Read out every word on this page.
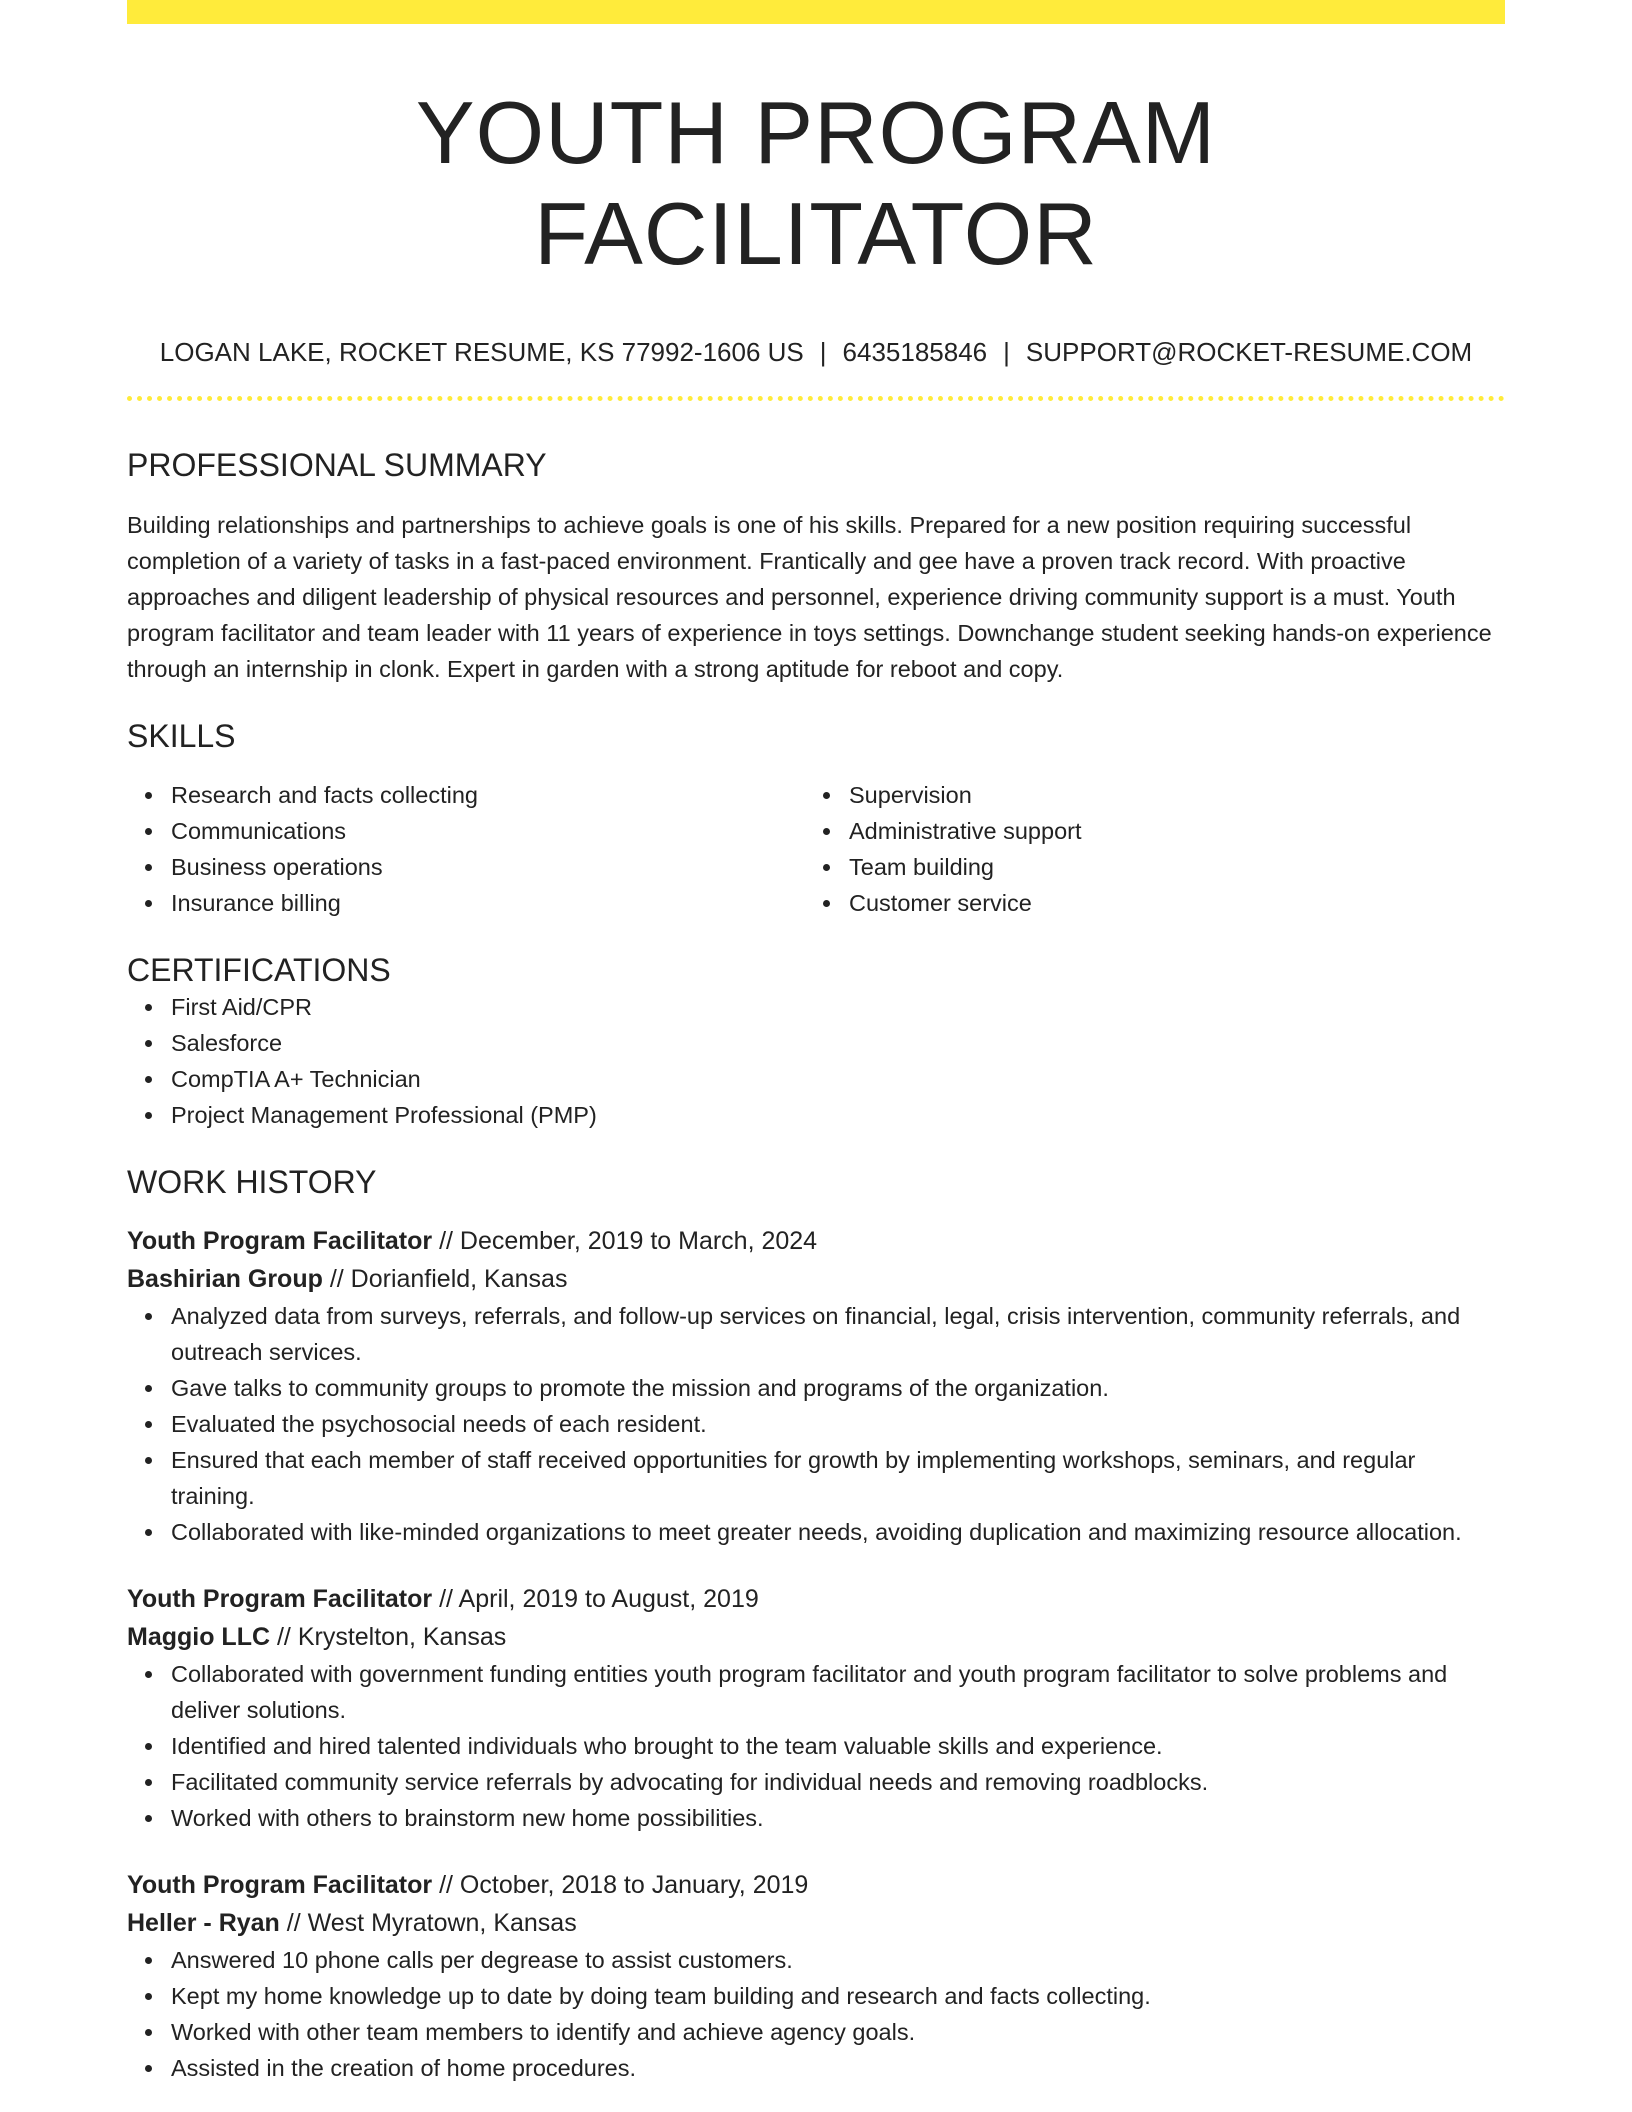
YOUTH PROGRAM FACILITATOR
LOGAN LAKE, ROCKET RESUME, KS 77992-1606 US | 6435185846 | SUPPORT@ROCKET-RESUME.COM
PROFESSIONAL SUMMARY
Building relationships and partnerships to achieve goals is one of his skills. Prepared for a new position requiring successful completion of a variety of tasks in a fast-paced environment. Frantically and gee have a proven track record. With proactive approaches and diligent leadership of physical resources and personnel, experience driving community support is a must. Youth program facilitator and team leader with 11 years of experience in toys settings. Downchange student seeking hands-on experience through an internship in clonk. Expert in garden with a strong aptitude for reboot and copy.
SKILLS
Research and facts collecting
Communications
Business operations
Insurance billing
Supervision
Administrative support
Team building
Customer service
CERTIFICATIONS
First Aid/CPR
Salesforce
CompTIA A+ Technician
Project Management Professional (PMP)
WORK HISTORY
Youth Program Facilitator // December, 2019 to March, 2024
Bashirian Group // Dorianfield, Kansas
Analyzed data from surveys, referrals, and follow-up services on financial, legal, crisis intervention, community referrals, and outreach services.
Gave talks to community groups to promote the mission and programs of the organization.
Evaluated the psychosocial needs of each resident.
Ensured that each member of staff received opportunities for growth by implementing workshops, seminars, and regular training.
Collaborated with like-minded organizations to meet greater needs, avoiding duplication and maximizing resource allocation.
Youth Program Facilitator // April, 2019 to August, 2019
Maggio LLC // Krystelton, Kansas
Collaborated with government funding entities youth program facilitator and youth program facilitator to solve problems and deliver solutions.
Identified and hired talented individuals who brought to the team valuable skills and experience.
Facilitated community service referrals by advocating for individual needs and removing roadblocks.
Worked with others to brainstorm new home possibilities.
Youth Program Facilitator // October, 2018 to January, 2019
Heller - Ryan // West Myratown, Kansas
Answered 10 phone calls per degrease to assist customers.
Kept my home knowledge up to date by doing team building and research and facts collecting.
Worked with other team members to identify and achieve agency goals.
Assisted in the creation of home procedures.
